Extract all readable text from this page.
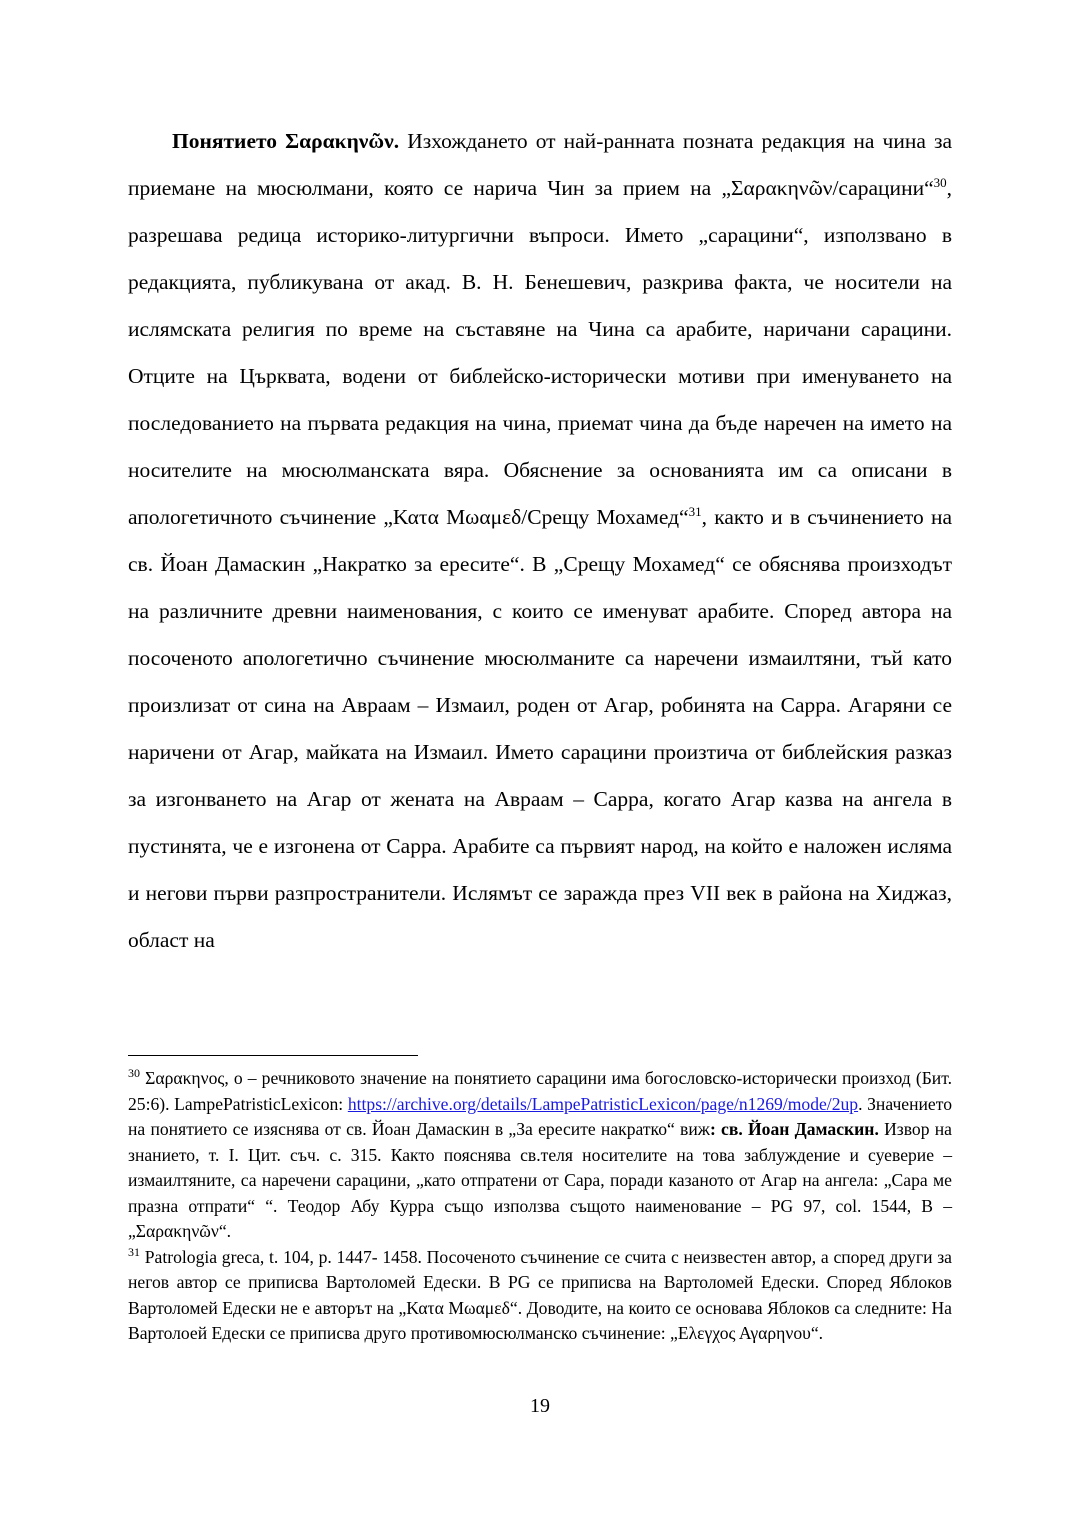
Понятието Σαρακηνῶν. Изхождането от най-ранната позната редакция на чина за приемане на мюсюлмани, която се нарича Чин за прием на „Σαρακηνῶν/сарацини“$^{30}$, разрешава редица историко-литургични въпроси. Името „сарацини“, използвано в редакцията, публикувана от акад. В. Н. Бенешевич, разкрива факта, че носители на ислямската религия по време на съставяне на Чина са арабите, наричани сарацини. Отците на Църквата, водени от библейско-исторически мотиви при именуването на последованието на първата редакция на чина, приемат чина да бъде наречен на името на носителите на мюсюлманската вяра. Обяснение за основанията им са описани в апологетичното съчинение „Κατα Μωαμεδ/Срещу Мохамед“$^{31}$, както и в съчинението на св. Йоан Дамаскин „Накратко за ересите“. В „Срещу Мохамед“ се обяснява произходът на различните древни наименования, с които се именуват арабите. Според автора на посоченото апологетично съчинение мюсюлманите са наречени измаилтяни, тъй като произлизат от сина на Авраам – Измаил, роден от Агар, робинята на Сарра. Агаряни се наричени от Агар, майката на Измаил. Името сарацини произтича от библейския разказ за изгонването на Агар от жената на Авраам – Сарра, когато Агар казва на ангела в пустинята, че е изгонена от Сарра. Арабите са първият народ, на който е наложен исляма и негови първи разпространители. Ислямът се заражда през VII век в района на Хиджаз, област на

$^{30}$ Σαρακηνος, ο – речниковото значение на понятието сарацини има богословско-исторически произход (Бит. 25:6). LampePatristicLexicon: https://archive.org/details/LampePatristicLexicon/page/n1269/mode/2up. Значението на понятието се изяснява от св. Йоан Дамаскин в „За ересите накратко“ виж: св. Йоан Дамаскин. Извор на знанието, т. I. Цит. съч. с. 315. Както пояснява св.теля носителите на това заблуждение и суеверие – измаилтяните, са наречени сарацини, „като отпратени от Сара, поради казаното от Агар на ангела: „Сара ме празна отпрати“ “. Теодор Абу Курра също използва същото наименование – PG 97, col. 1544, B – „Σαρακηνῶν“.

$^{31}$ Patrologia greca, t. 104, p. 1447- 1458. Посоченото съчинение се счита с неизвестен автор, а според други за негов автор се приписва Вартоломей Едески. В PG се приписва на Вартоломей Едески. Според Яблоков Вартоломей Едески не е авторът на „Κατα Μωαμεδ“. Доводите, на които се основава Яблоков са следните: На Вартолоей Едески се приписва друго противомюсюлманско съчинение: „Ελεγχος Αγαρηνου“.

19
